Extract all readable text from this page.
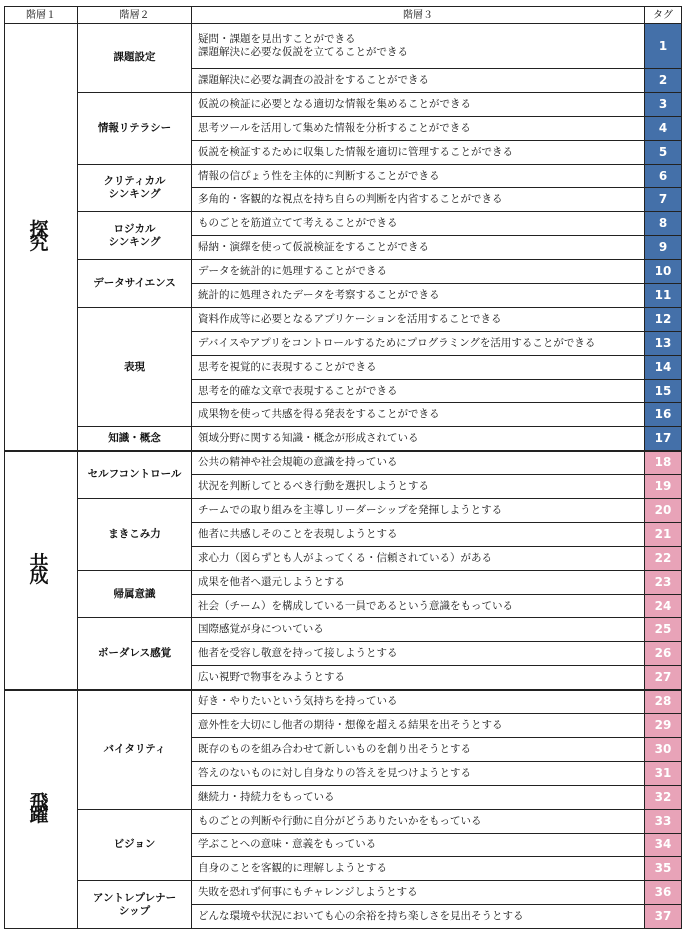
階層１	階層２	階層３	タグ
探　究	課題設定	疑問・課題を見出すことができる
課題解決に必要な仮説を立てることができる	1
		課題解決に必要な調査の設計をすることができる	2
	情報リテラシー	仮説の検証に必要となる適切な情報を集めることができる	3
		思考ツールを活用して集めた情報を分析することができる	4
		仮説を検証するために収集した情報を適切に管理することができる	5
	クリティカル
シンキング	情報の信ぴょう性を主体的に判断することができる	6
		多角的・客観的な視点を持ち自らの判断を内省することができる	7
	ロジカル
シンキング	ものごとを筋道立てて考えることができる	8
		帰納・演繹を使って仮説検証をすることができる	9
	データサイエンス	データを統計的に処理することができる	10
		統計的に処理されたデータを考察することができる	11
	表現	資料作成等に必要となるアプリケーションを活用することできる	12
		デバイスやアプリをコントロールするためにプログラミングを活用することができる	13
		思考を視覚的に表現することができる	14
		思考を的確な文章で表現することができる	15
		成果物を使って共感を得る発表をすることができる	16
	知識・概念	領域分野に関する知識・概念が形成されている	17
共　成	セルフコントロール	公共の精神や社会規範の意識を持っている	18
		状況を判断してとるべき行動を選択しようとする	19
	まきこみ力	チームでの取り組みを主導しリーダーシップを発揮しようとする	20
		他者に共感しそのことを表現しようとする	21
		求心力（図らずとも人がよってくる・信頼されている）がある	22
	帰属意識	成果を他者へ還元しようとする	23
		社会（チーム）を構成している一員であるという意識をもっている	24
	ボーダレス感覚	国際感覚が身についている	25
		他者を受容し敬意を持って接しようとする	26
		広い視野で物事をみようとする	27
飛　躍	バイタリティ	好き・やりたいという気持ちを持っている	28
		意外性を大切にし他者の期待・想像を超える結果を出そうとする	29
		既存のものを組み合わせて新しいものを創り出そうとする	30
		答えのないものに対し自身なりの答えを見つけようとする	31
		継続力・持続力をもっている	32
	ビジョン	ものごとの判断や行動に自分がどうありたいかをもっている	33
		学ぶことへの意味・意義をもっている	34
		自身のことを客観的に理解しようとする	35
	アントレプレナー
シップ	失敗を恐れず何事にもチャレンジしようとする	36
		どんな環境や状況においても心の余裕を持ち楽しさを見出そうとする	37
